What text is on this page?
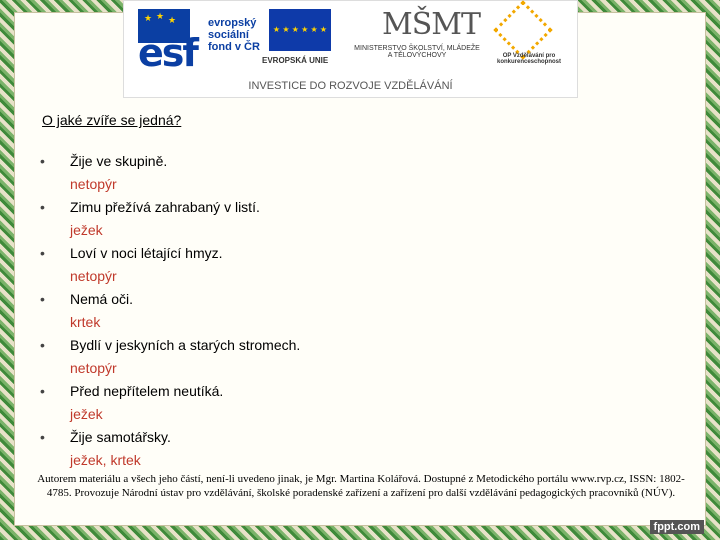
★ ★ ★
esf
evropský
sociální
fond v ČR
★ ★ ★ ★ ★ ★
EVROPSKÁ UNIE
MŠMT
MINISTERSTVO ŠKOLSTVÍ, MLÁDEŽE A TĚLOVÝCHOVY	OP Vzdělávání pro konkurenceschopnost
INVESTICE DO ROZVOJE VZDĚLÁVÁNÍ
O jaké zvíře se jedná?
•	Žije ve skupině.
netopýr
•	Zimu přežívá zahrabaný v listí.
ježek
•	Loví v noci létající hmyz.
netopýr
•	Nemá oči.
krtek
•	Bydlí v jeskyních a starých stromech.
netopýr
•	Před nepřítelem neutíká.
ježek
•	Žije samotářsky.
ježek, krtek
Autorem materiálu a všech jeho částí, není-li uvedeno jinak, je Mgr. Martina Kolářová. Dostupné z Metodického portálu www.rvp.cz, ISSN: 1802-4785. Provozuje Národní ústav pro vzdělávání, školské poradenské zařízení a zařízení pro další vzdělávání pedagogických pracovníků (NÚV).
fppt.com
